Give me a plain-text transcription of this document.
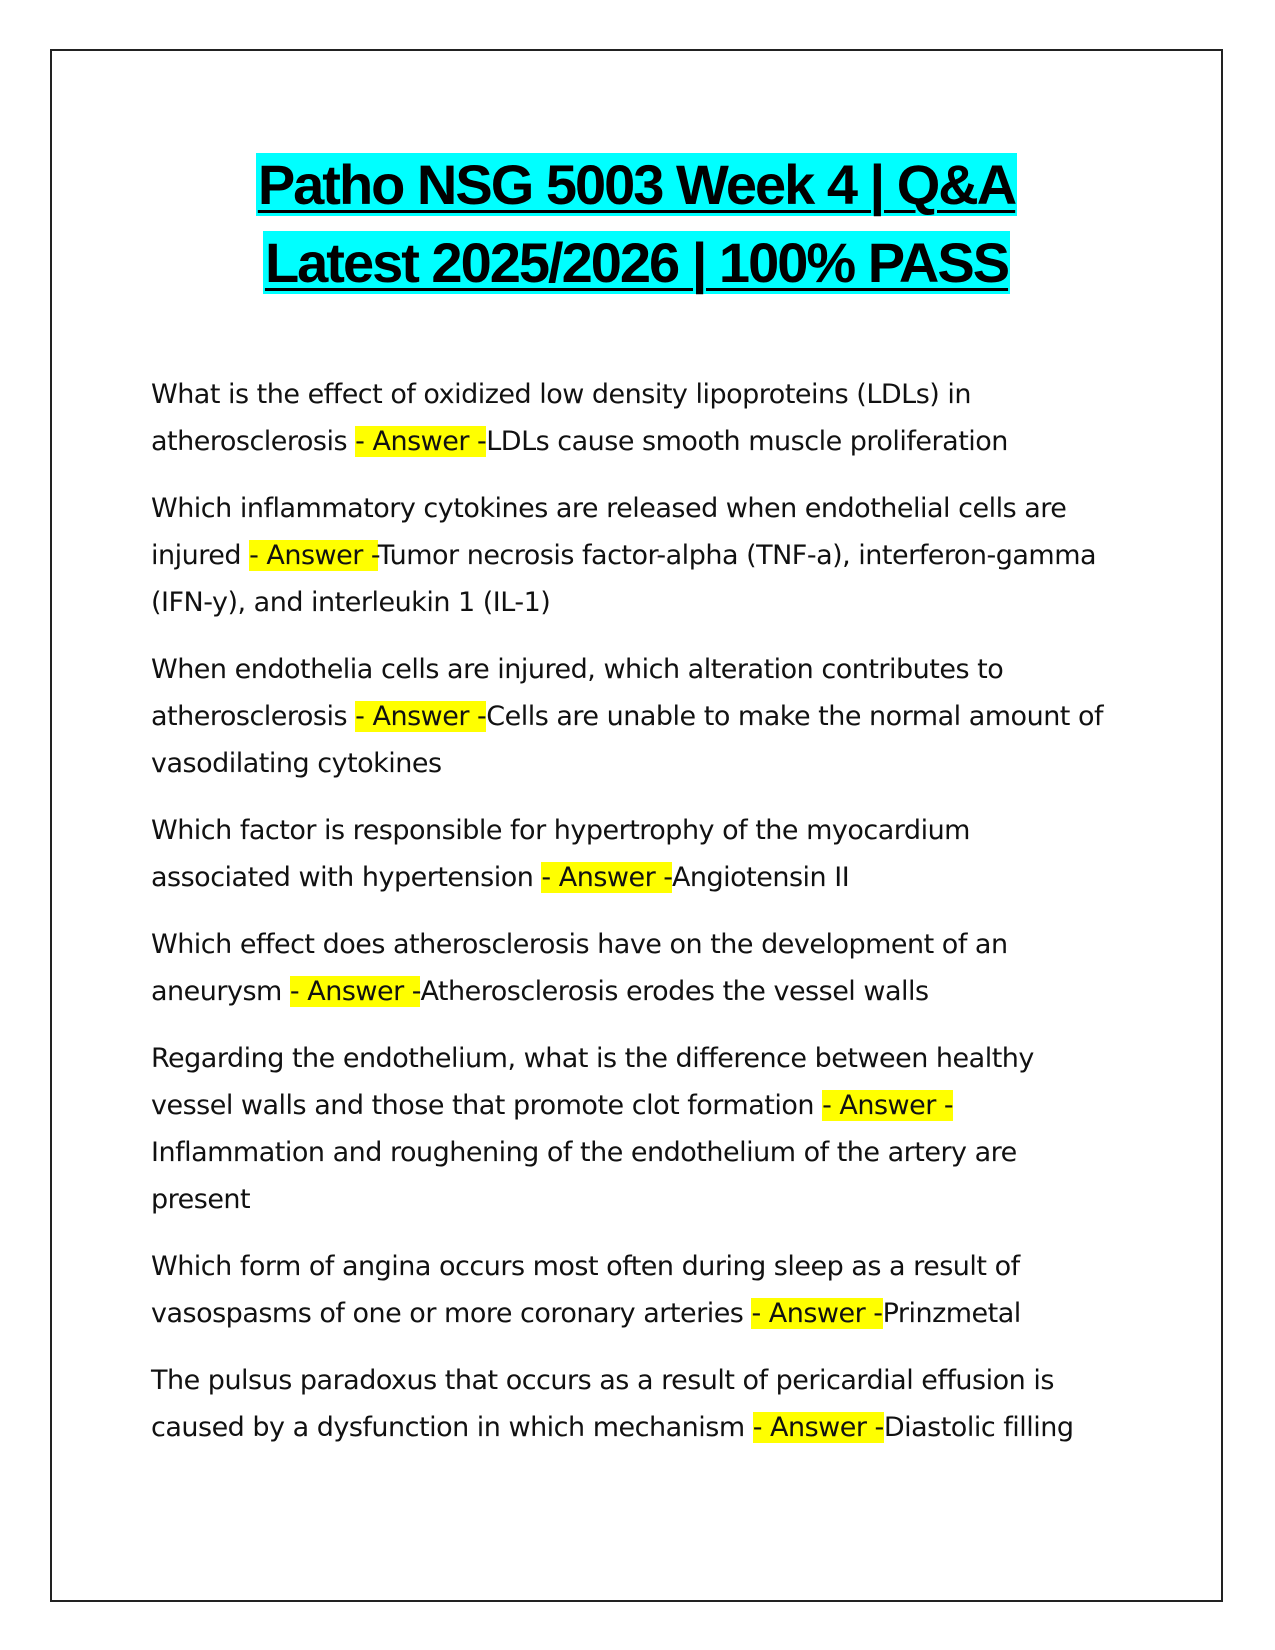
Patho NSG 5003 Week 4 | Q&A
Latest 2025/2026 | 100% PASS

What is the effect of oxidized low density lipoproteins (LDLs) in atherosclerosis - Answer -LDLs cause smooth muscle proliferation

Which inflammatory cytokines are released when endothelial cells are injured - Answer -Tumor necrosis factor-alpha (TNF-a), interferon-gamma (IFN-y), and interleukin 1 (IL-1)

When endothelia cells are injured, which alteration contributes to atherosclerosis - Answer -Cells are unable to make the normal amount of vasodilating cytokines

Which factor is responsible for hypertrophy of the myocardium associated with hypertension - Answer -Angiotensin II

Which effect does atherosclerosis have on the development of an aneurysm - Answer -Atherosclerosis erodes the vessel walls

Regarding the endothelium, what is the difference between healthy vessel walls and those that promote clot formation - Answer -Inflammation and roughening of the endothelium of the artery are present

Which form of angina occurs most often during sleep as a result of vasospasms of one or more coronary arteries - Answer -Prinzmetal

The pulsus paradoxus that occurs as a result of pericardial effusion is caused by a dysfunction in which mechanism - Answer -Diastolic filling
